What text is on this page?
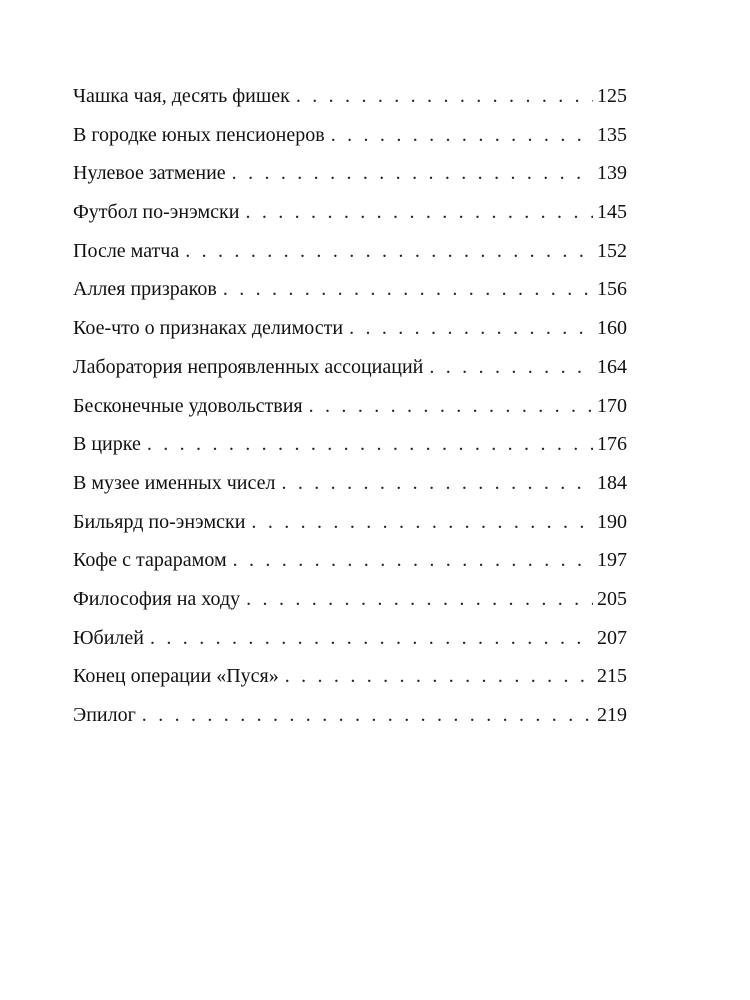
Чашка чая, десять фишек . . .	125
В городке юных пенсионеров . . .	135
Нулевое затмение . . .	139
Футбол по-энэмски . . .	145
После матча . . .	152
Аллея призраков . . .	156
Кое-что о признаках делимости . . .	160
Лаборатория непроявленных ассоциаций . . .	164
Бесконечные удовольствия . . .	170
В цирке . . .	176
В музее именных чисел . . .	184
Бильярд по-энэмски . . .	190
Кофе с тарарамом . . .	197
Философия на ходу . . .	205
Юбилей . . .	207
Конец операции «Пуся» . . .	215
Эпилог . . .	219
